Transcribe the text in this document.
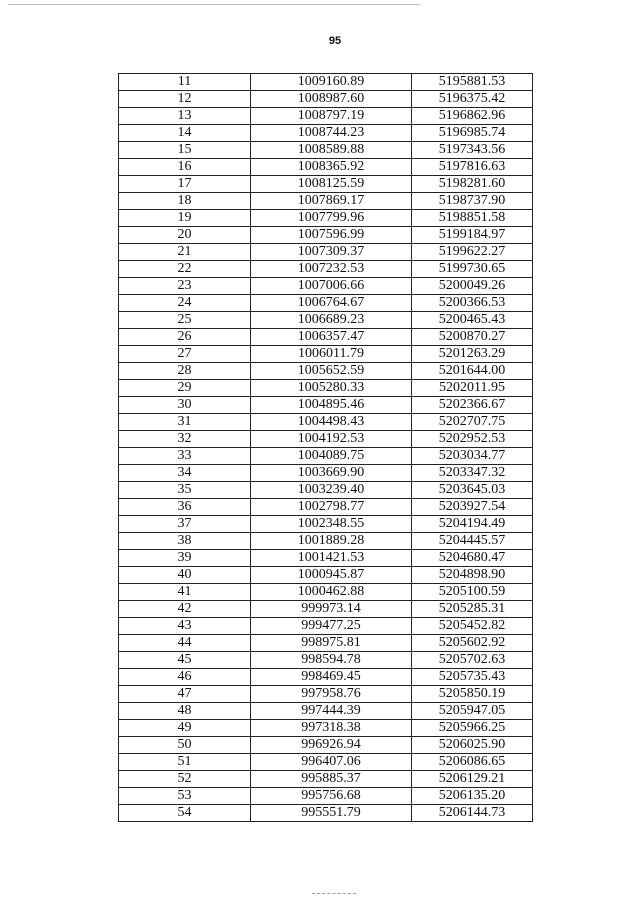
95
11	1009160.89	5195881.53
12	1008987.60	5196375.42
13	1008797.19	5196862.96
14	1008744.23	5196985.74
15	1008589.88	5197343.56
16	1008365.92	5197816.63
17	1008125.59	5198281.60
18	1007869.17	5198737.90
19	1007799.96	5198851.58
20	1007596.99	5199184.97
21	1007309.37	5199622.27
22	1007232.53	5199730.65
23	1007006.66	5200049.26
24	1006764.67	5200366.53
25	1006689.23	5200465.43
26	1006357.47	5200870.27
27	1006011.79	5201263.29
28	1005652.59	5201644.00
29	1005280.33	5202011.95
30	1004895.46	5202366.67
31	1004498.43	5202707.75
32	1004192.53	5202952.53
33	1004089.75	5203034.77
34	1003669.90	5203347.32
35	1003239.40	5203645.03
36	1002798.77	5203927.54
37	1002348.55	5204194.49
38	1001889.28	5204445.57
39	1001421.53	5204680.47
40	1000945.87	5204898.90
41	1000462.88	5205100.59
42	999973.14	5205285.31
43	999477.25	5205452.82
44	998975.81	5205602.92
45	998594.78	5205702.63
46	998469.45	5205735.43
47	997958.76	5205850.19
48	997444.39	5205947.05
49	997318.38	5205966.25
50	996926.94	5206025.90
51	996407.06	5206086.65
52	995885.37	5206129.21
53	995756.68	5206135.20
54	995551.79	5206144.73
